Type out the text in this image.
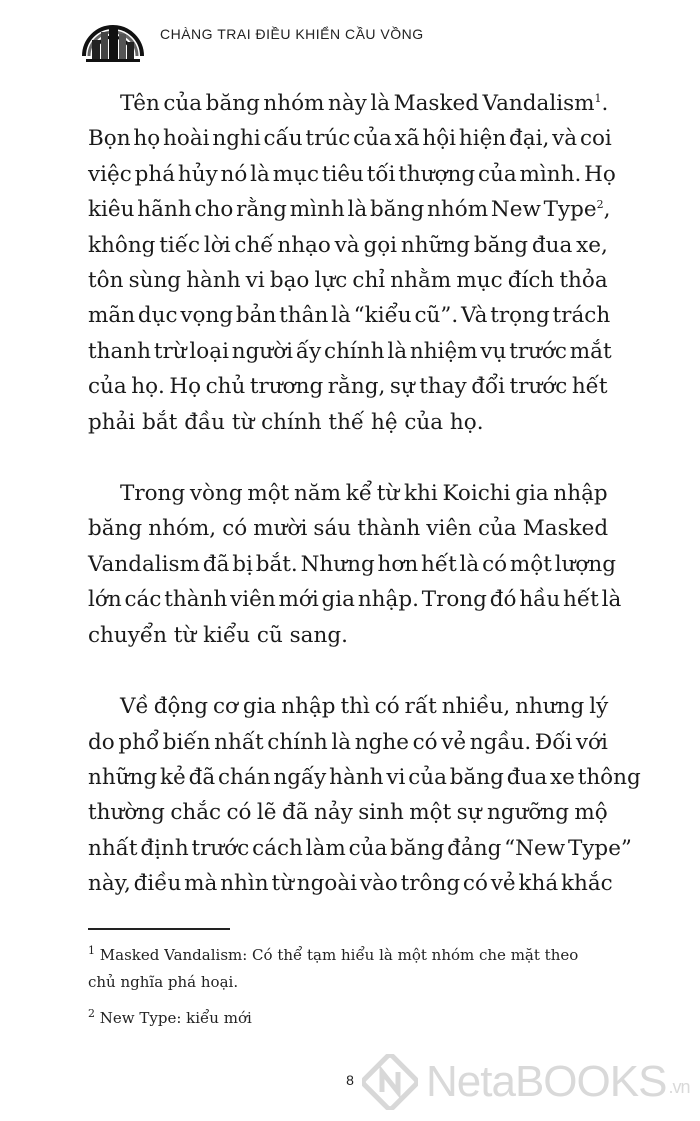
CHÀNG TRAI ĐIỀU KHIỂN CẦU VỒNG

Tên của băng nhóm này là Masked Vandalism$^1$.
Bọn họ hoài nghi cấu trúc của xã hội hiện đại, và coi
việc phá hủy nó là mục tiêu tối thượng của mình. Họ
kiêu hãnh cho rằng mình là băng nhóm New Type$^2$,
không tiếc lời chế nhạo và gọi những băng đua xe,
tôn sùng hành vi bạo lực chỉ nhằm mục đích thỏa
mãn dục vọng bản thân là “kiểu cũ”. Và trọng trách
thanh trừ loại người ấy chính là nhiệm vụ trước mắt
của họ. Họ chủ trương rằng, sự thay đổi trước hết
phải bắt đầu từ chính thế hệ của họ.

Trong vòng một năm kể từ khi Koichi gia nhập
băng nhóm, có mười sáu thành viên của Masked
Vandalism đã bị bắt. Nhưng hơn hết là có một lượng
lớn các thành viên mới gia nhập. Trong đó hầu hết là
chuyển từ kiểu cũ sang.

Về động cơ gia nhập thì có rất nhiều, nhưng lý
do phổ biến nhất chính là nghe có vẻ ngầu. Đối với
những kẻ đã chán ngấy hành vi của băng đua xe thông
thường chắc có lẽ đã nảy sinh một sự ngưỡng mộ
nhất định trước cách làm của băng đảng “New Type”
này, điều mà nhìn từ ngoài vào trông có vẻ khá khắc

$^1$ Masked Vandalism: Có thể tạm hiểu là một nhóm che mặt theo
chủ nghĩa phá hoại.

$^2$ New Type: kiểu mới

NetaBOOKS .vn
8
